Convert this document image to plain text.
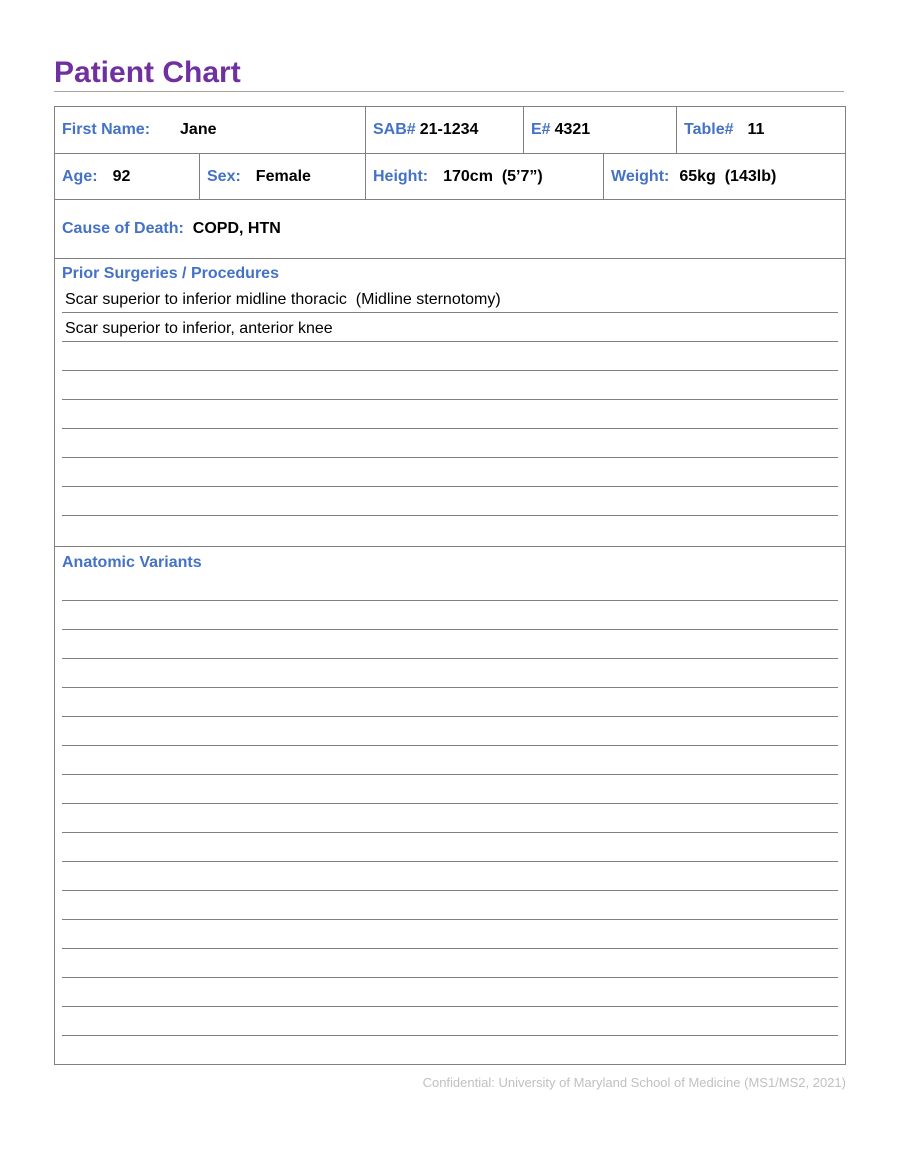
Patient Chart
First Name: Jane	SAB# 21-1234	E# 4321	Table# 11
Age: 92	Sex: Female	Height: 170cm  (5’7”)	Weight: 65kg  (143lb)
Cause of Death: COPD, HTN
Prior Surgeries / Procedures
Scar superior to inferior midline thoracic  (Midline sternotomy)
Scar superior to inferior, anterior knee
Anatomic Variants
Confidential: University of Maryland School of Medicine (MS1/MS2, 2021)
